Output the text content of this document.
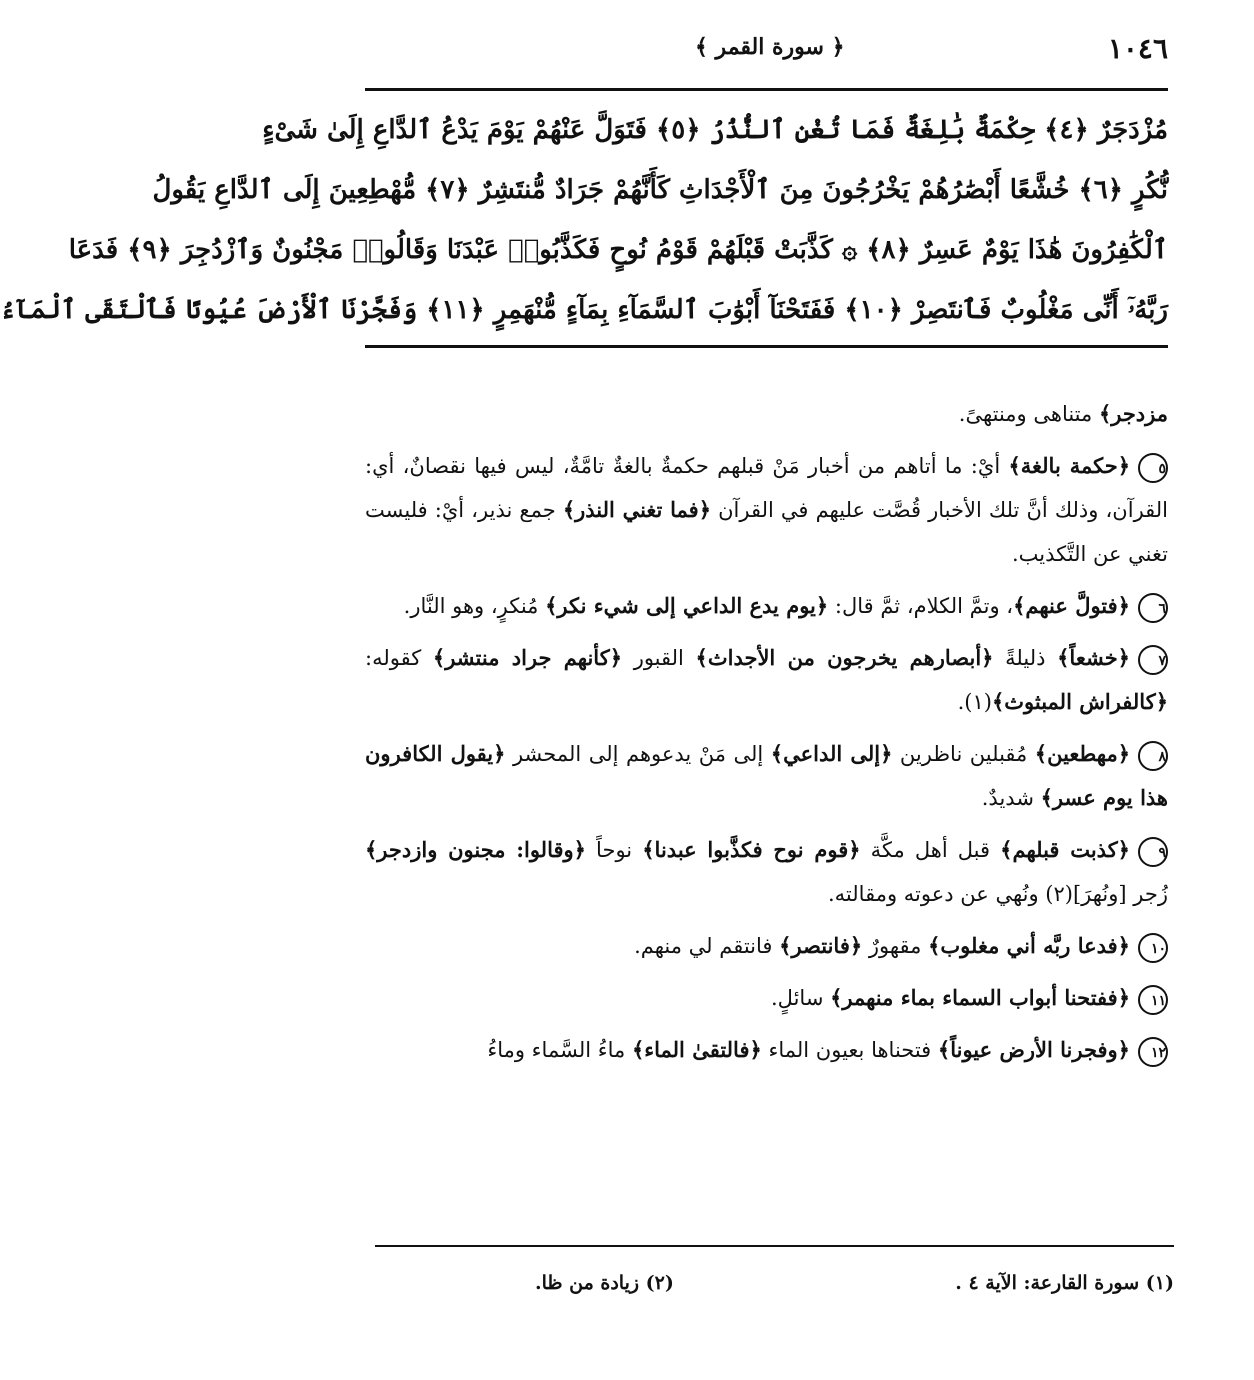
١٠٤٦
﴿ سورة القمر ﴾
مُزْدَجَرٌ ﴿٤﴾ حِكْمَةٌ بَٰلِغَةٌ فَمَا تُغْنِ ٱلنُّذُرُ ﴿٥﴾ فَتَوَلَّ عَنْهُمْ يَوْمَ يَدْعُ ٱلدَّاعِ إِلَىٰ شَىْءٍ
نُّكُرٍ ﴿٦﴾ خُشَّعًا أَبْصَٰرُهُمْ يَخْرُجُونَ مِنَ ٱلْأَجْدَاثِ كَأَنَّهُمْ جَرَادٌ مُّنتَشِرٌ ﴿٧﴾ مُّهْطِعِينَ إِلَى ٱلدَّاعِ يَقُولُ
ٱلْكَٰفِرُونَ هَٰذَا يَوْمٌ عَسِرٌ ﴿٨﴾ ۞ كَذَّبَتْ قَبْلَهُمْ قَوْمُ نُوحٍ فَكَذَّبُوا۟ عَبْدَنَا وَقَالُوا۟ مَجْنُونٌ وَٱزْدُجِرَ ﴿٩﴾ فَدَعَا
رَبَّهُۥٓ أَنِّى مَغْلُوبٌ فَٱنتَصِرْ ﴿١٠﴾ فَفَتَحْنَآ أَبْوَٰبَ ٱلسَّمَآءِ بِمَآءٍ مُّنْهَمِرٍ ﴿١١﴾ وَفَجَّرْنَا ٱلْأَرْضَ عُيُونًا فَٱلْتَقَى ٱلْمَآءُ
مزدجر﴾ متناهى ومنتهىً.
٥﴿حكمة بالغة﴾ أيْ: ما أتاهم من أخبار مَنْ قبلهم حكمةٌ بالغةٌ تامَّةٌ، ليس فيها نقصانٌ، أي: القرآن، وذلك أنَّ تلك الأخبار قُصَّت عليهم في القرآن ﴿فما تغني النذر﴾ جمع نذير، أيْ: فليست تغني عن التَّكذيب.
٦﴿فتولَّ عنهم﴾، وتمَّ الكلام، ثمَّ قال: ﴿يوم يدع الداعي إلى شيء نكر﴾ مُنكرٍ، وهو النَّار.
٧﴿خشعاً﴾ ذليلةً ﴿أبصارهم يخرجون من الأجداث﴾ القبور ﴿كأنهم جراد منتشر﴾ كقوله: ﴿كالفراش المبثوث﴾(١).
٨﴿مهطعين﴾ مُقبلين ناظرين ﴿إلى الداعي﴾ إلى مَنْ يدعوهم إلى المحشر ﴿يقول الكافرون هذا يوم عسر﴾ شديدٌ.
٩﴿كذبت قبلهم﴾ قبل أهل مكَّة ﴿قوم نوح فكذَّبوا عبدنا﴾ نوحاً ﴿وقالوا: مجنون وازدجر﴾ زُجر [ونُهرَ](٢) ونُهي عن دعوته ومقالته.
١٠﴿فدعا ربَّه أني مغلوب﴾ مقهورٌ ﴿فانتصر﴾ فانتقم لي منهم.
١١﴿ففتحنا أبواب السماء بماء منهمر﴾ سائلٍ.
١٢﴿وفجرنا الأرض عيوناً﴾ فتحناها بعيون الماء ﴿فالتقىٰ الماء﴾ ماءُ السَّماء وماءُ
(١) سورة القارعة: الآية ٤ .
(٢) زيادة من ظا.
